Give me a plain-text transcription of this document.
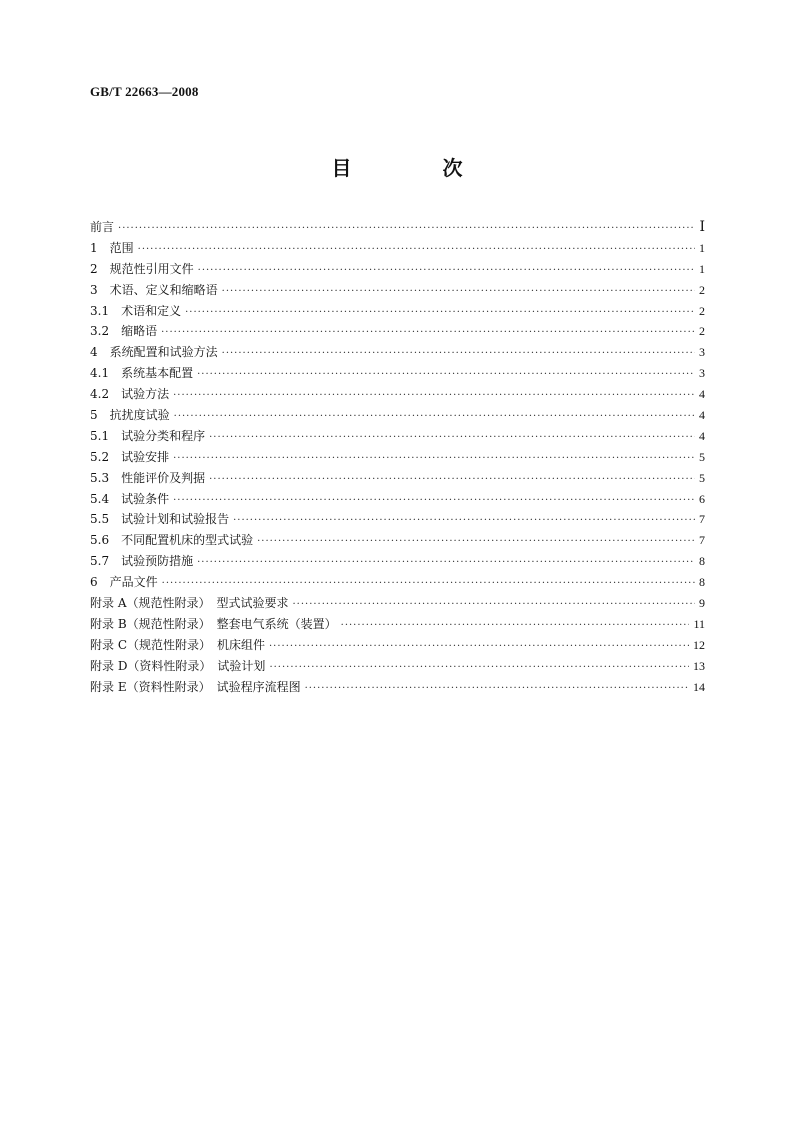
GB/T 22663—2008
目 次
前言 ·····	Ⅰ
1　范围 ·····	1
2　规范性引用文件 ·····	1
3　术语、定义和缩略语 ·····	2
3.1　术语和定义 ·····	2
3.2　缩略语 ·····	2
4　系统配置和试验方法 ·····	3
4.1　系统基本配置 ·····	3
4.2　试验方法 ·····	4
5　抗扰度试验 ·····	4
5.1　试验分类和程序 ·····	4
5.2　试验安排 ·····	5
5.3　性能评价及判据 ·····	5
5.4　试验条件 ·····	6
5.5　试验计划和试验报告 ·····	7
5.6　不同配置机床的型式试验 ·····	7
5.7　试验预防措施 ·····	8
6　产品文件 ·····	8
附录 A（规范性附录）　型式试验要求 ·····	9
附录 B（规范性附录）　整套电气系统（装置） ·····	11
附录 C（规范性附录）　机床组件 ·····	12
附录 D（资料性附录）　试验计划 ·····	13
附录 E（资料性附录）　试验程序流程图 ·····	14
